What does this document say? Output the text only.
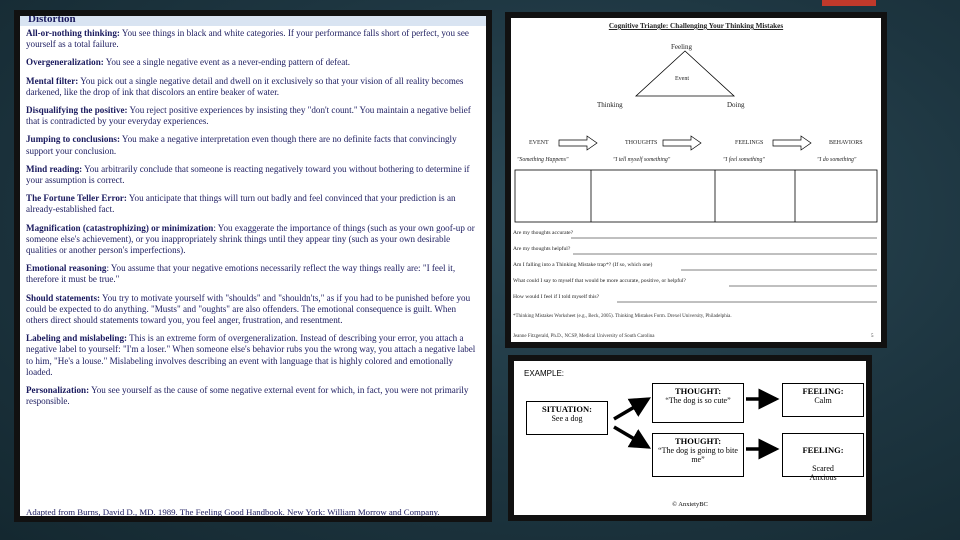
Distortion
All-or-nothing thinking: You see things in black and white categories. If your performance falls short of perfect, you see yourself as a total failure.
Overgeneralization: You see a single negative event as a never-ending pattern of defeat.
Mental filter: You pick out a single negative detail and dwell on it exclusively so that your vision of all reality becomes darkened, like the drop of ink that discolors an entire beaker of water.
Disqualifying the positive: You reject positive experiences by insisting they "don't count." You maintain a negative belief that is contradicted by your everyday experiences.
Jumping to conclusions: You make a negative interpretation even though there are no definite facts that convincingly support your conclusion.
Mind reading: You arbitrarily conclude that someone is reacting negatively toward you without bothering to determine if your assumption is correct.
The Fortune Teller Error: You anticipate that things will turn out badly and feel convinced that your prediction is an already-established fact.
Magnification (catastrophizing) or minimization: You exaggerate the importance of things (such as your own goof-up or someone else's achievement), or you inappropriately shrink things until they appear tiny (such as your own desirable qualities or another person's imperfections).
Emotional reasoning: You assume that your negative emotions necessarily reflect the way things really are: "I feel it, therefore it must be true."
Should statements: You try to motivate yourself with "shoulds" and "shouldn'ts," as if you had to be punished before you could be expected to do anything. "Musts" and "oughts" are also offenders. The emotional consequence is guilt. When others direct should statements toward you, you feel anger, frustration, and resentment.
Labeling and mislabeling: This is an extreme form of overgeneralization. Instead of describing your error, you attach a negative label to yourself: "I'm a loser." When someone else's behavior rubs you the wrong way, you attach a negative label to him, "He's a louse." Mislabeling involves describing an event with language that is highly colored and emotionally loaded.
Personalization: You see yourself as the cause of some negative external event for which, in fact, you were not primarily responsible.
Adapted from Burns, David D., MD. 1989. The Feeling Good Handbook. New York: William Morrow and Company.
Cognitive Triangle: Challenging Your Thinking Mistakes
Feeling
Event
Thinking	Doing
EVENT
"Something Happens"
THOUGHTS
"I tell myself something"
FEELINGS
"I feel something"
BEHAVIORS
"I do something"
Are my thoughts accurate?
Are my thoughts helpful?
Am I falling into a Thinking Mistake trap*? (If so, which one)
What could I say to myself that would be more accurate, positive, or helpful?
How would I feel if I told myself this?
*Thinking Mistakes Worksheet (e.g., Beck, 2005). Thinking Mistakes Form. Drexel University, Philadelphia.
Jeanne Fitzgerald, Ph.D., NCSP, Medical University of South Carolina	5
EXAMPLE:
SITUATION:
See a dog
THOUGHT:
“The dog is so cute”
FEELING:
Calm
THOUGHT:
“The dog is going to bite me”

FEELING:

Scared
Anxious

© AnxietyBC
